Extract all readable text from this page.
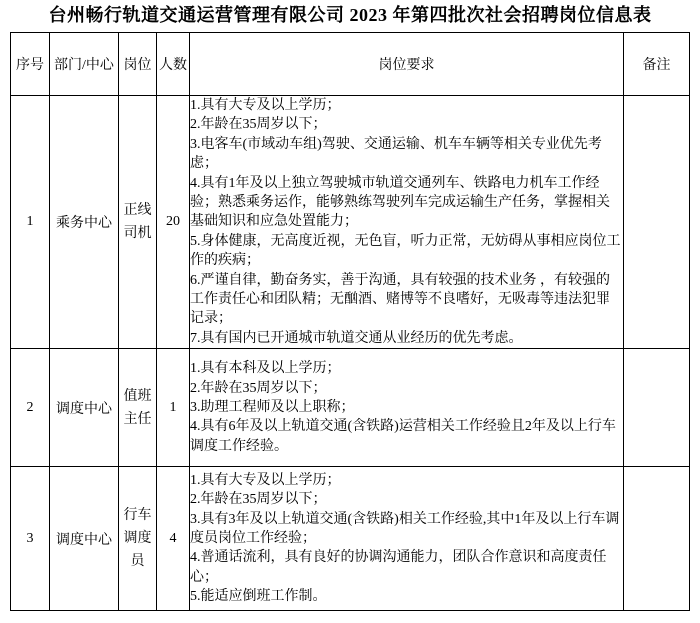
台州畅行轨道交通运营管理有限公司 2023 年第四批次社会招聘岗位信息表
序号	部门/中心	岗位	人数	岗位要求	备注
1	乘务中心	正线司机	20	
1.具有大专及以上学历；
2.年龄在35周岁以下；
3.电客车(市域动车组)驾驶、交通运输、机车车辆等相关专业优先考虑；
4.具有1年及以上独立驾驶城市轨道交通列车、铁路电力机车工作经验；熟悉乘务运作，能够熟练驾驶列车完成运输生产任务，掌握相关基础知识和应急处置能力；
5.身体健康，无高度近视，无色盲，听力正常，无妨碍从事相应岗位工作的疾病；
6.严谨自律，勤奋务实，善于沟通，具有较强的技术业务 ，有较强的工作责任心和团队精；无酗酒、赌博等不良嗜好，无吸毒等违法犯罪记录；
7.具有国内已开通城市轨道交通从业经历的优先考虑。

2	调度中心	值班主任	1	1.具有本科及以上学历；
2.年龄在35周岁以下；
3.助理工程师及以上职称；
4.具有6年及以上轨道交通(含铁路)运营相关工作经验且2年及以上行车调度工作经验。	

3	调度中心	行车调度员	4	1.具有大专及以上学历；
2.年龄在35周岁以下；
3.具有3年及以上轨道交通(含铁路)相关工作经验,其中1年及以上行车调度员岗位工作经验；
4.普通话流利，具有良好的协调沟通能力，团队合作意识和高度责任心；
5.能适应倒班工作制。	
